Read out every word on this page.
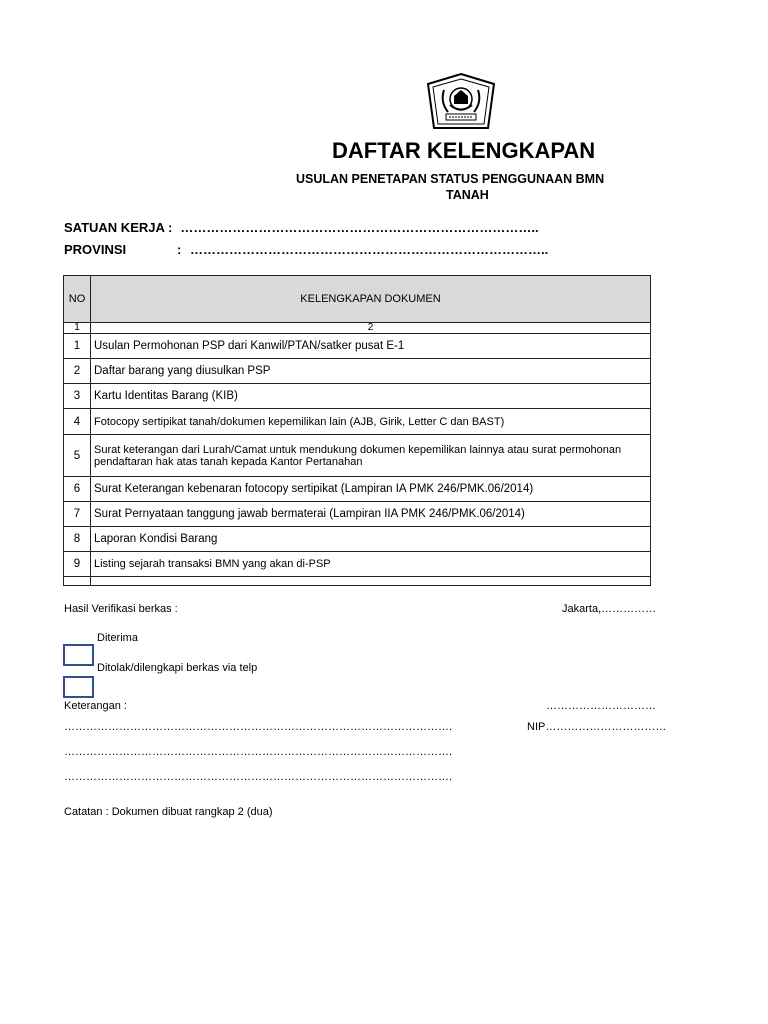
DAFTAR KELENGKAPAN
USULAN PENETAPAN STATUS PENGGUNAAN BMN
TANAH
SATUAN KERJA : ………………………………………………………………………..
PROVINSI	: ………………………………………………………………………..
NO	KELENGKAPAN DOKUMEN
1	2
1	Usulan Permohonan PSP dari Kanwil/PTAN/satker pusat E-1
2	Daftar barang yang diusulkan PSP
3	Kartu Identitas Barang (KIB)
4	Fotocopy sertipikat tanah/dokumen kepemilikan lain (AJB, Girik, Letter C dan BAST)
5	Surat keterangan dari Lurah/Camat untuk mendukung dokumen kepemilikan lainnya atau surat permohonan pendaftaran hak atas tanah kepada Kantor Pertanahan
6	Surat Keterangan kebenaran fotocopy sertipikat (Lampiran IA PMK 246/PMK.06/2014)
7	Surat Pernyataan tanggung jawab bermaterai (Lampiran IIA PMK 246/PMK.06/2014)
8	Laporan Kondisi Barang
9	Listing sejarah transaksi BMN yang akan di-PSP

Hasil Verifikasi berkas :	Jakarta,……………
Diterima
Ditolak/dilengkapi berkas via telp
Keterangan :	…………………………
…………………………………………………………………………………………….	NIP……………………………
…………………………………………………………………………………………….
…………………………………………………………………………………………….
Catatan : Dokumen dibuat rangkap 2 (dua)
